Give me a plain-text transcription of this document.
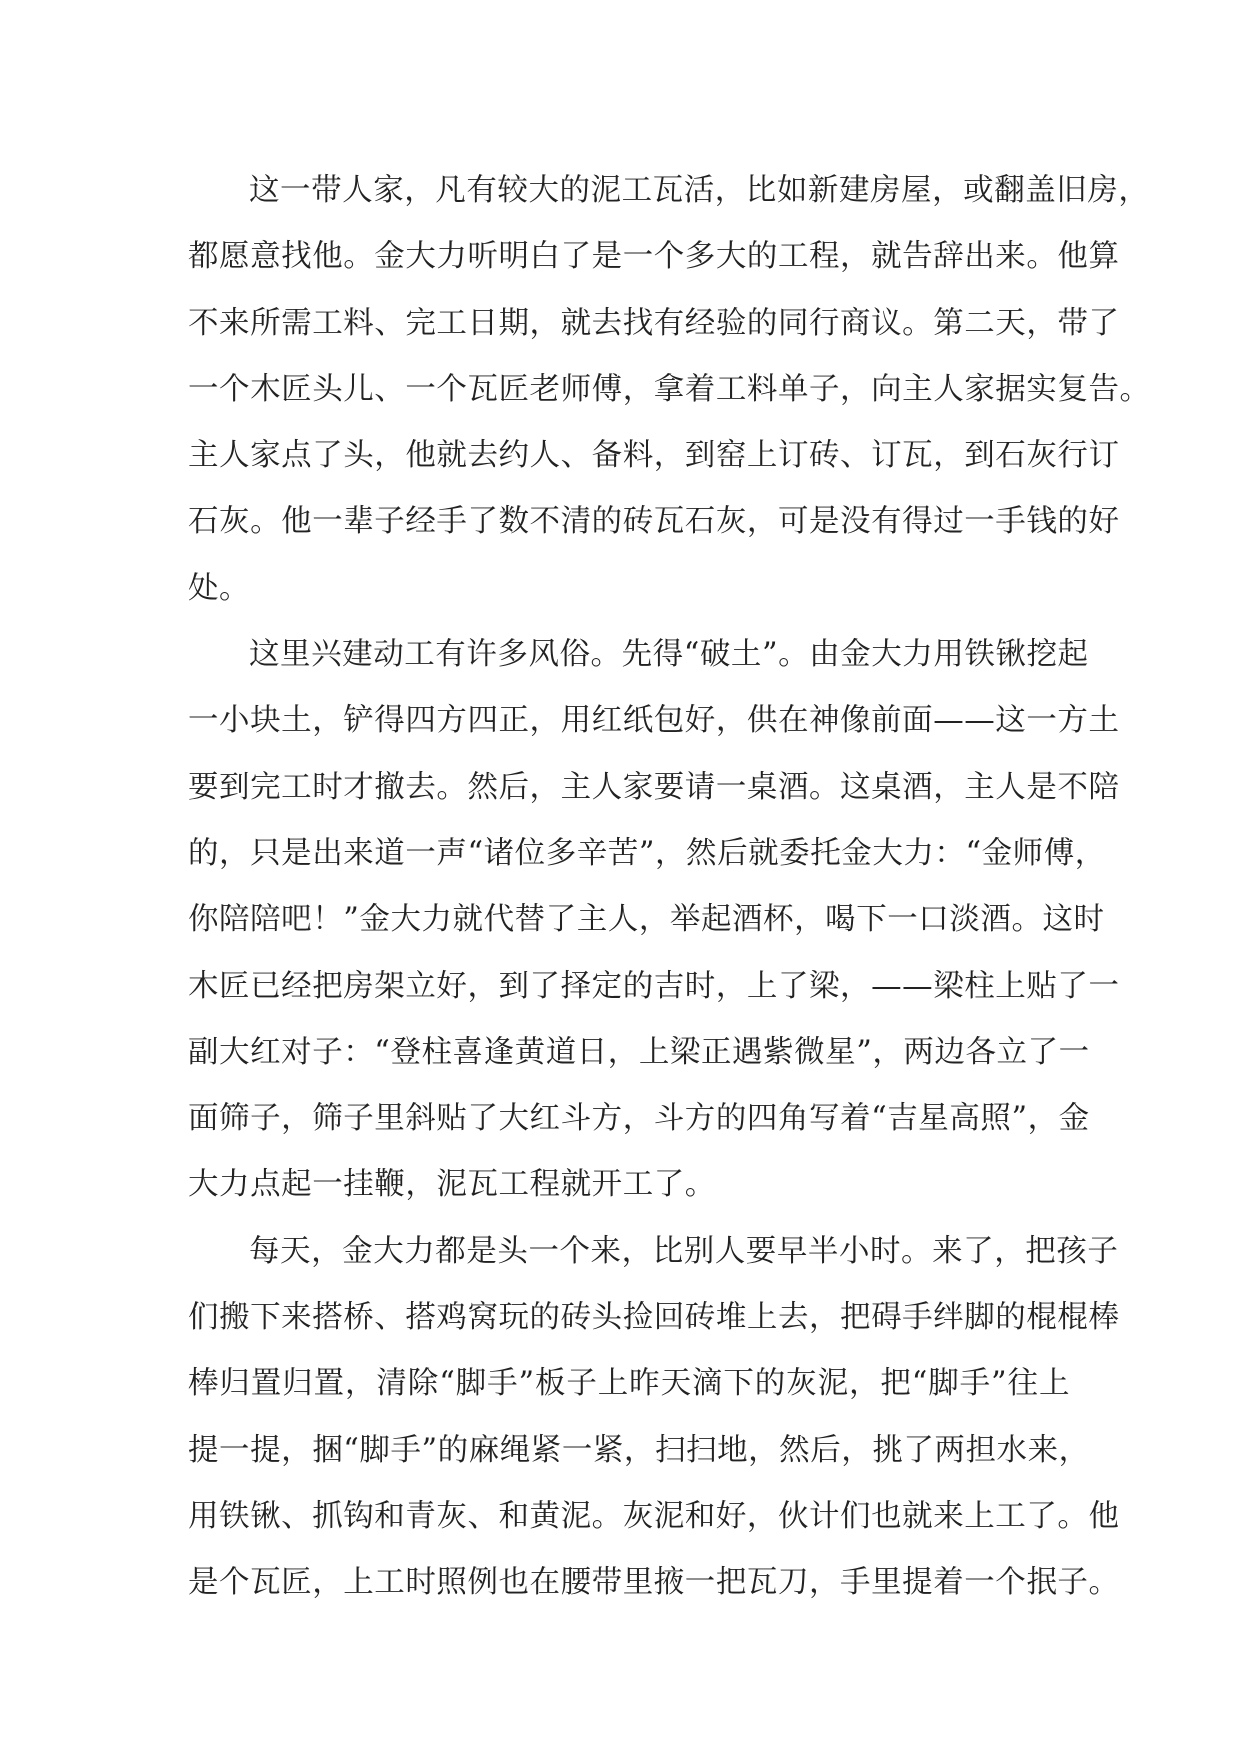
这一带人家，凡有较大的泥工瓦活，比如新建房屋，或翻盖旧房，
都愿意找他。金大力听明白了是一个多大的工程，就告辞出来。他算
不来所需工料、完工日期，就去找有经验的同行商议。第二天，带了
一个木匠头儿、一个瓦匠老师傅，拿着工料单子，向主人家据实复告。
主人家点了头，他就去约人、备料，到窑上订砖、订瓦，到石灰行订
石灰。他一辈子经手了数不清的砖瓦石灰，可是没有得过一手钱的好
处。
这里兴建动工有许多风俗。先得“破土”。由金大力用铁锹挖起
一小块土，铲得四方四正，用红纸包好，供在神像前面——这一方土
要到完工时才撤去。然后，主人家要请一桌酒。这桌酒，主人是不陪
的，只是出来道一声“诸位多辛苦”，然后就委托金大力：“金师傅，
你陪陪吧！”金大力就代替了主人，举起酒杯，喝下一口淡酒。这时
木匠已经把房架立好，到了择定的吉时，上了梁，——梁柱上贴了一
副大红对子：“登柱喜逢黄道日，上梁正遇紫微星”，两边各立了一
面筛子，筛子里斜贴了大红斗方，斗方的四角写着“吉星高照”，金
大力点起一挂鞭，泥瓦工程就开工了。
每天，金大力都是头一个来，比别人要早半小时。来了，把孩子
们搬下来搭桥、搭鸡窝玩的砖头捡回砖堆上去，把碍手绊脚的棍棍棒
棒归置归置，清除“脚手”板子上昨天滴下的灰泥，把“脚手”往上
提一提，捆“脚手”的麻绳紧一紧，扫扫地，然后，挑了两担水来，
用铁锹、抓钩和青灰、和黄泥。灰泥和好，伙计们也就来上工了。他
是个瓦匠，上工时照例也在腰带里掖一把瓦刀，手里提着一个抿子。
